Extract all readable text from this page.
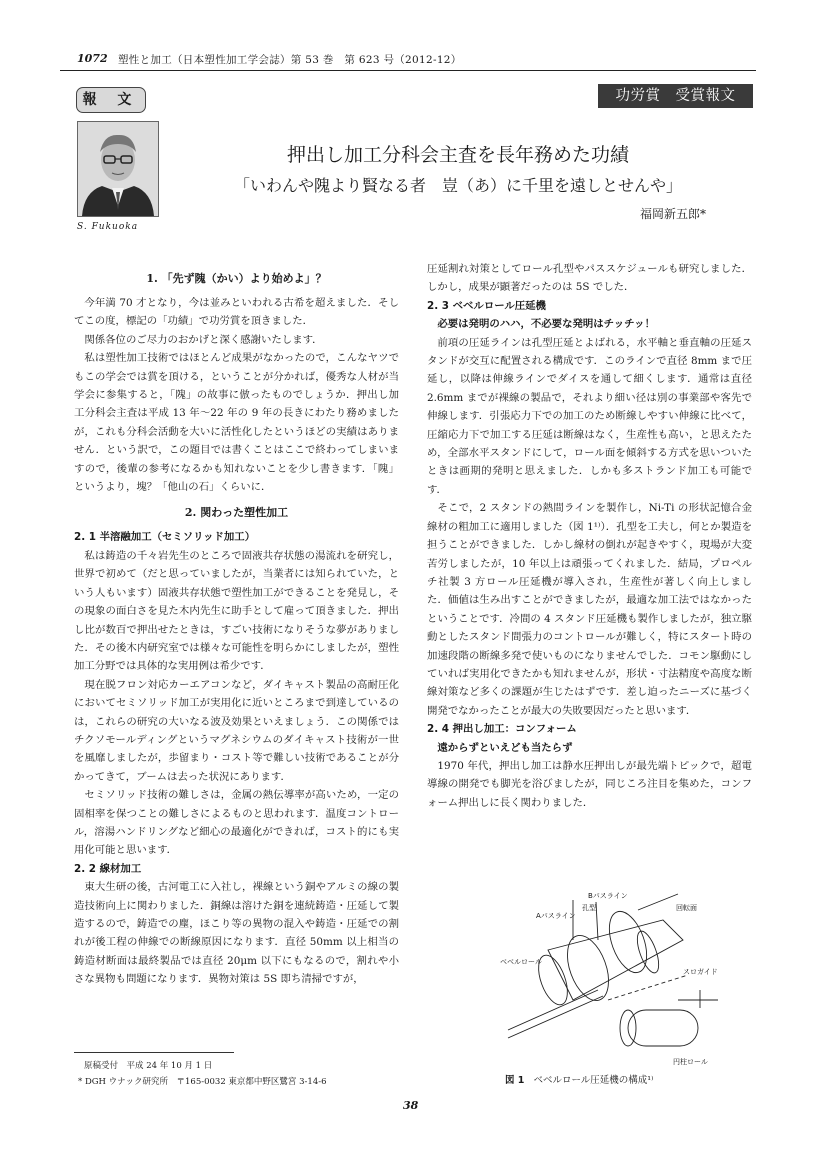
1072 塑性と加工（日本塑性加工学会誌）第 53 巻　第 623 号（2012-12）
報 文	功労賞　受賞報文
S. Fukuoka
押出し加工分科会主査を長年務めた功績
「いわんや隗より賢なる者　豈（あ）に千里を遠しとせんや」
福岡新五郎*
1. 「先ず隗（かい）より始めよ」？

今年満 70 才となり，今は並みといわれる古希を超えました．そしてこの度，標記の「功績」で功労賞を頂きました．

関係各位のご尽力のおかげと深く感謝いたします．

私は塑性加工技術ではほとんど成果がなかったので，こんなヤツでもこの学会では賞を頂ける，ということが分かれば，優秀な人材が当学会に参集すると，「隗」の故事に倣ったものでしょうか．押出し加工分科会主査は平成 13 年〜22 年の 9 年の長きにわたり務めましたが，これも分科会活動を大いに活性化したというほどの実績はありません．という訳で，この題目では書くことはここで終わってしまいますので，後輩の参考になるかも知れないことを少し書きます．「隗」というより，塊？「他山の石」くらいに．

2. 関わった塑性加工
2. 1 半溶融加工（セミソリッド加工）

私は鋳造の千々岩先生のところで固液共存状態の湯流れを研究し，世界で初めて（だと思っていましたが，当業者には知られていた，という人もいます）固液共存状態で塑性加工ができることを発見し，その現象の面白さを見た木内先生に助手として雇って頂きました．押出し比が数百で押出せたときは，すごい技術になりそうな夢がありました．その後木内研究室では様々な可能性を明らかにしましたが，塑性加工分野では具体的な実用例は希少です．

現在脱フロン対応カーエアコンなど，ダイキャスト製品の高耐圧化においてセミソリッド加工が実用化に近いところまで到達しているのは，これらの研究の大いなる波及効果といえましょう．この関係ではチクソモールディングというマグネシウムのダイキャスト技術が一世を風靡しましたが，歩留まり・コスト等で難しい技術であることが分かってきて，ブームは去った状況にあります．

セミソリッド技術の難しさは，金属の熱伝導率が高いため，一定の固相率を保つことの難しさによるものと思われます．温度コントロール，溶湯ハンドリングなど細心の最適化ができれば，コスト的にも実用化可能と思います．

2. 2 線材加工

東大生研の後，古河電工に入社し，裸線という銅やアルミの線の製造技術向上に関わりました．銅線は溶けた銅を連続鋳造・圧延して製造するので，鋳造での塵，ほこり等の異物の混入や鋳造・圧延での割れが後工程の伸線での断線原因になります．直径 50mm 以上相当の鋳造材断面は最終製品では直径 20μm 以下にもなるので，割れや小さな異物も問題になります．異物対策は 5S 即ち清掃ですが，

圧延割れ対策としてロール孔型やパススケジュールも研究しました．しかし，成果が顕著だったのは 5S でした．

2. 3 ベベルロール圧延機
必要は発明のハハ，不必要な発明はチッチッ！

前項の圧延ラインは孔型圧延とよばれる，水平軸と垂直軸の圧延スタンドが交互に配置される構成です．このラインで直径 8mm まで圧延し，以降は伸線ラインでダイスを通して細くします．通常は直径 2.6mm までが裸線の製品で，それより細い径は別の事業部や客先で伸線します．引張応力下での加工のため断線しやすい伸線に比べて，圧縮応力下で加工する圧延は断線はなく，生産性も高い，と思えたため，全部水平スタンドにして，ロール面を傾斜する方式を思いついたときは画期的発明と思えました．しかも多ストランド加工も可能です．

そこで，2 スタンドの熱間ラインを製作し，Ni-Ti の形状記憶合金線材の粗加工に適用しました（図 1¹⁾）．孔型を工夫し，何とか製造を担うことができました．しかし線材の倒れが起きやすく，現場が大変苦労しましたが，10 年以上は頑張ってくれました．結局，プロペルチ社製 3 方ロール圧延機が導入され，生産性が著しく向上しました．価値は生み出すことができましたが，最適な加工法ではなかったということです．冷間の 4 スタンド圧延機も製作しましたが，独立駆動としたスタンド間張力のコントロールが難しく，特にスタート時の加速段階の断線多発で使いものになりませんでした．コモン駆動にしていれば実用化できたかも知れませんが，形状・寸法精度や高度な断線対策など多くの課題が生じたはずです．差し迫ったニーズに基づく開発でなかったことが最大の失敗要因だったと思います．

2. 4 押出し加工：コンフォーム
遠からずといえども当たらず

1970 年代，押出し加工は静水圧押出しが最先端トピックで，超電導線の開発でも脚光を浴びましたが，同じころ注目を集めた，コンフォーム押出しに長く関わりました．

Bパスライン
Aパスライン
孔型	回転面
ベベルロール
スロガイド
円柱ロール
図 1 ベベルロール圧延機の構成¹⁾
原稿受付　平成 24 年 10 月 1 日
* DGH ウナック研究所　〒165-0032 東京都中野区鷺宮 3-14-6
38
